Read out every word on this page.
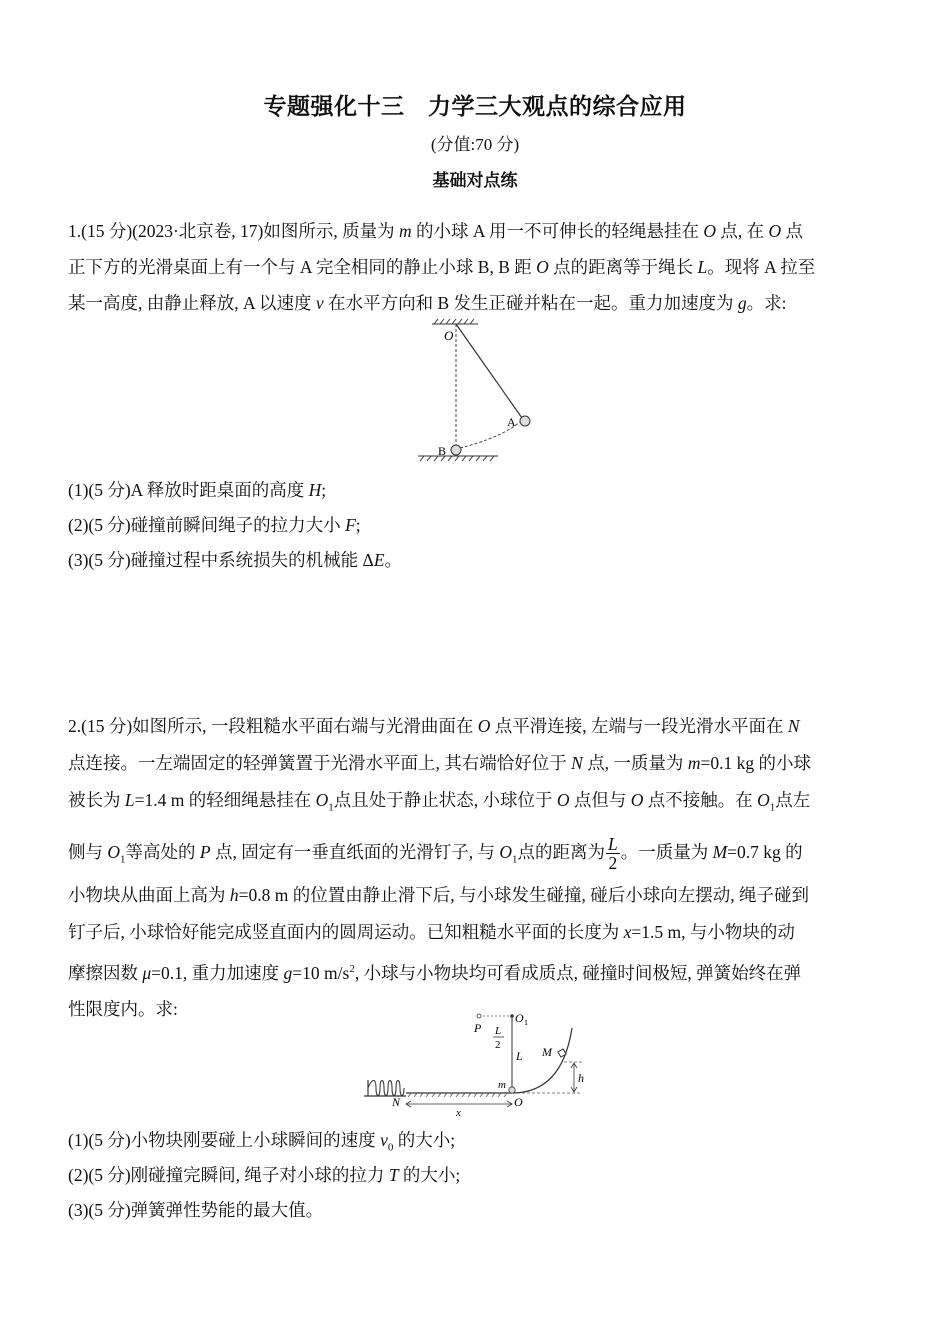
专题强化十三　力学三大观点的综合应用
(分值:70 分)
基础对点练
1.(15 分)(2023·北京卷, 17)如图所示, 质量为 m 的小球 A 用一不可伸长的轻绳悬挂在 O 点, 在 O 点
正下方的光滑桌面上有一个与 A 完全相同的静止小球 B, B 距 O 点的距离等于绳长 L。现将 A 拉至
某一高度, 由静止释放, A 以速度 v 在水平方向和 B 发生正碰并粘在一起。重力加速度为 g。求:
O
A
B
(1)(5 分)A 释放时距桌面的高度 H;
(2)(5 分)碰撞前瞬间绳子的拉力大小 F;
(3)(5 分)碰撞过程中系统损失的机械能 ΔE。
2.(15 分)如图所示, 一段粗糙水平面右端与光滑曲面在 O 点平滑连接, 左端与一段光滑水平面在 N
点连接。一左端固定的轻弹簧置于光滑水平面上, 其右端恰好位于 N 点, 一质量为 m=0.1 kg 的小球
被长为 L=1.4 m 的轻细绳悬挂在 $O_1$点且处于静止状态, 小球位于 O 点但与 O 点不接触。在 $O_1$点左
侧与 $O_1$等高处的 P 点, 固定有一垂直纸面的光滑钉子, 与 $O_1$点的距离为 $\frac{L}{2}$ 。一质量为 M=0.7 kg 的
小物块从曲面上高为 h=0.8 m 的位置由静止滑下后, 与小球发生碰撞, 碰后小球向左摆动, 绳子碰到
钉子后, 小球恰好能完成竖直面内的圆周运动。已知粗糙水平面的长度为 x=1.5 m, 与小物块的动
摩擦因数 μ=0.1, 重力加速度 g=10 $m/s^2$, 小球与小物块均可看成质点, 碰撞时间极短, 弹簧始终在弹
性限度内。求:
P
O 1
L
2
L M
h
m
N	O
x
(1)(5 分)小物块刚要碰上小球瞬间的速度 $v_0$ 的大小;
(2)(5 分)刚碰撞完瞬间, 绳子对小球的拉力 T 的大小;
(3)(5 分)弹簧弹性势能的最大值。
